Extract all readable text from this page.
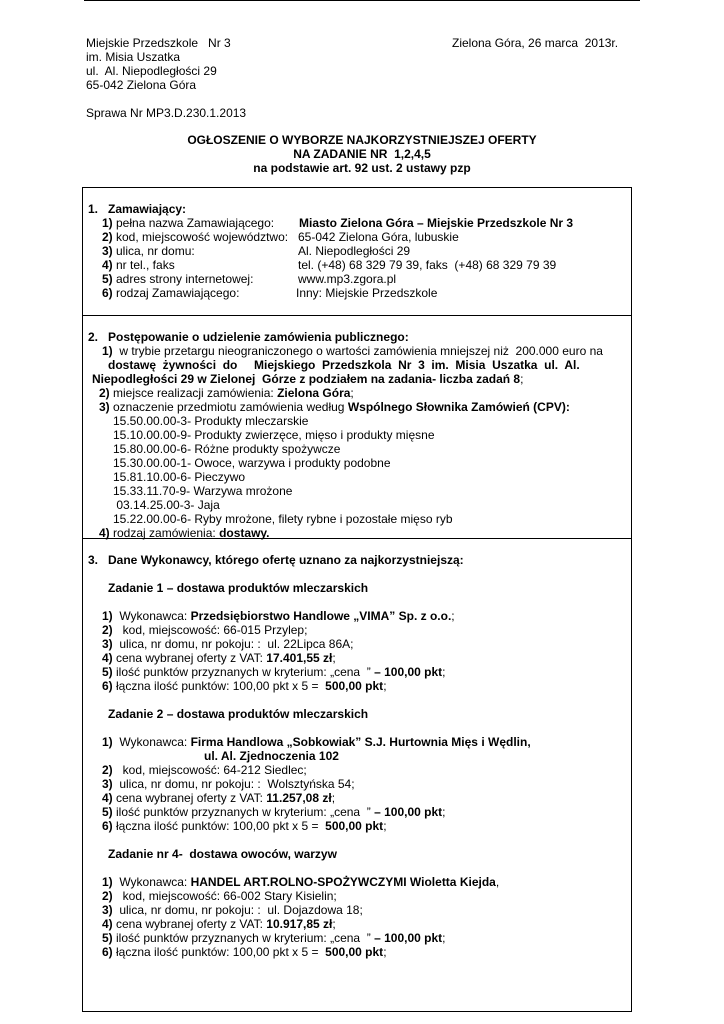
Miejskie Przedszkole   Nr 3
im. Misia Uszatka
ul.  Al. Niepodległości 29
65-042 Zielona Góra
Zielona Góra, 26 marca  2013r.
Sprawa Nr MP3.D.230.1.2013
OGŁOSZENIE O WYBORZE NAJKORZYSTNIEJSZEJ OFERTY
NA ZADANIE NR  1,2,4,5
na podstawie art. 92 ust. 2 ustawy pzp
1.   Zamawiający:
1) pełna nazwa Zamawiającego: Miasto Zielona Góra – Miejskie Przedszkole Nr 3
2) kod, miejscowość województwo: 65-042 Zielona Góra, lubuskie
3) ulica, nr domu:	Al. Niepodległości 29
4) nr tel., faks	tel. (+48) 68 329 79 39, faks  (+48) 68 329 79 39
5) adres strony internetowej:	www.mp3.zgora.pl
6) rodzaj Zamawiającego:	Inny: Miejskie Przedszkole
2.   Postępowanie o udzielenie zamówienia publicznego:
1)  w trybie przetargu nieograniczonego o wartości zamówienia mniejszej niż  200.000 euro na
dostawę  żywności  do     Miejskiego  Przedszkola  Nr  3  im.  Misia  Uszatka  ul.  Al.
Niepodległości 29 w Zielonej  Górze z podziałem na zadania- liczba zadań 8;
2) miejsce realizacji zamówienia: Zielona Góra;
3) oznaczenie przedmiotu zamówienia według Wspólnego Słownika Zamówień (CPV):
15.50.00.00-3- Produkty mleczarskie
15.10.00.00-9- Produkty zwierzęce, mięso i produkty mięsne
15.80.00.00-6- Różne produkty spożywcze
15.30.00.00-1- Owoce, warzywa i produkty podobne
15.81.10.00-6- Pieczywo
15.33.11.70-9- Warzywa mrożone
03.14.25.00-3- Jaja
15.22.00.00-6- Ryby mrożone, filety rybne i pozostałe mięso ryb
4) rodzaj zamówienia: dostawy.
3.   Dane Wykonawcy, którego ofertę uznano za najkorzystniejszą:
Zadanie 1 – dostawa produktów mleczarskich
1)  Wykonawca: Przedsiębiorstwo Handlowe „VIMA” Sp. z o.o.;
2)   kod, miejscowość: 66-015 Przylep;
3)  ulica, nr domu, nr pokoju: :  ul. 22Lipca 86A;
4) cena wybranej oferty z VAT: 17.401,55 zł;
5) ilość punktów przyznanych w kryterium: „cena  ” – 100,00 pkt;
6) łączna ilość punktów: 100,00 pkt x 5 =  500,00 pkt;
Zadanie 2 – dostawa produktów mleczarskich
1)  Wykonawca: Firma Handlowa „Sobkowiak” S.J. Hurtownia Mięs i Wędlin,
ul. Al. Zjednoczenia 102
2)   kod, miejscowość: 64-212 Siedlec;
3)  ulica, nr domu, nr pokoju: :  Wolsztyńska 54;
4) cena wybranej oferty z VAT: 11.257,08 zł;
5) ilość punktów przyznanych w kryterium: „cena  ” – 100,00 pkt;
6) łączna ilość punktów: 100,00 pkt x 5 =  500,00 pkt;
Zadanie nr 4-  dostawa owoców, warzyw
1)  Wykonawca: HANDEL ART.ROLNO-SPOŻYWCZYMI Wioletta Kiejda,
2)   kod, miejscowość: 66-002 Stary Kisielin;
3)  ulica, nr domu, nr pokoju: :  ul. Dojazdowa 18;
4) cena wybranej oferty z VAT: 10.917,85 zł;
5) ilość punktów przyznanych w kryterium: „cena  ” – 100,00 pkt;
6) łączna ilość punktów: 100,00 pkt x 5 =  500,00 pkt;
